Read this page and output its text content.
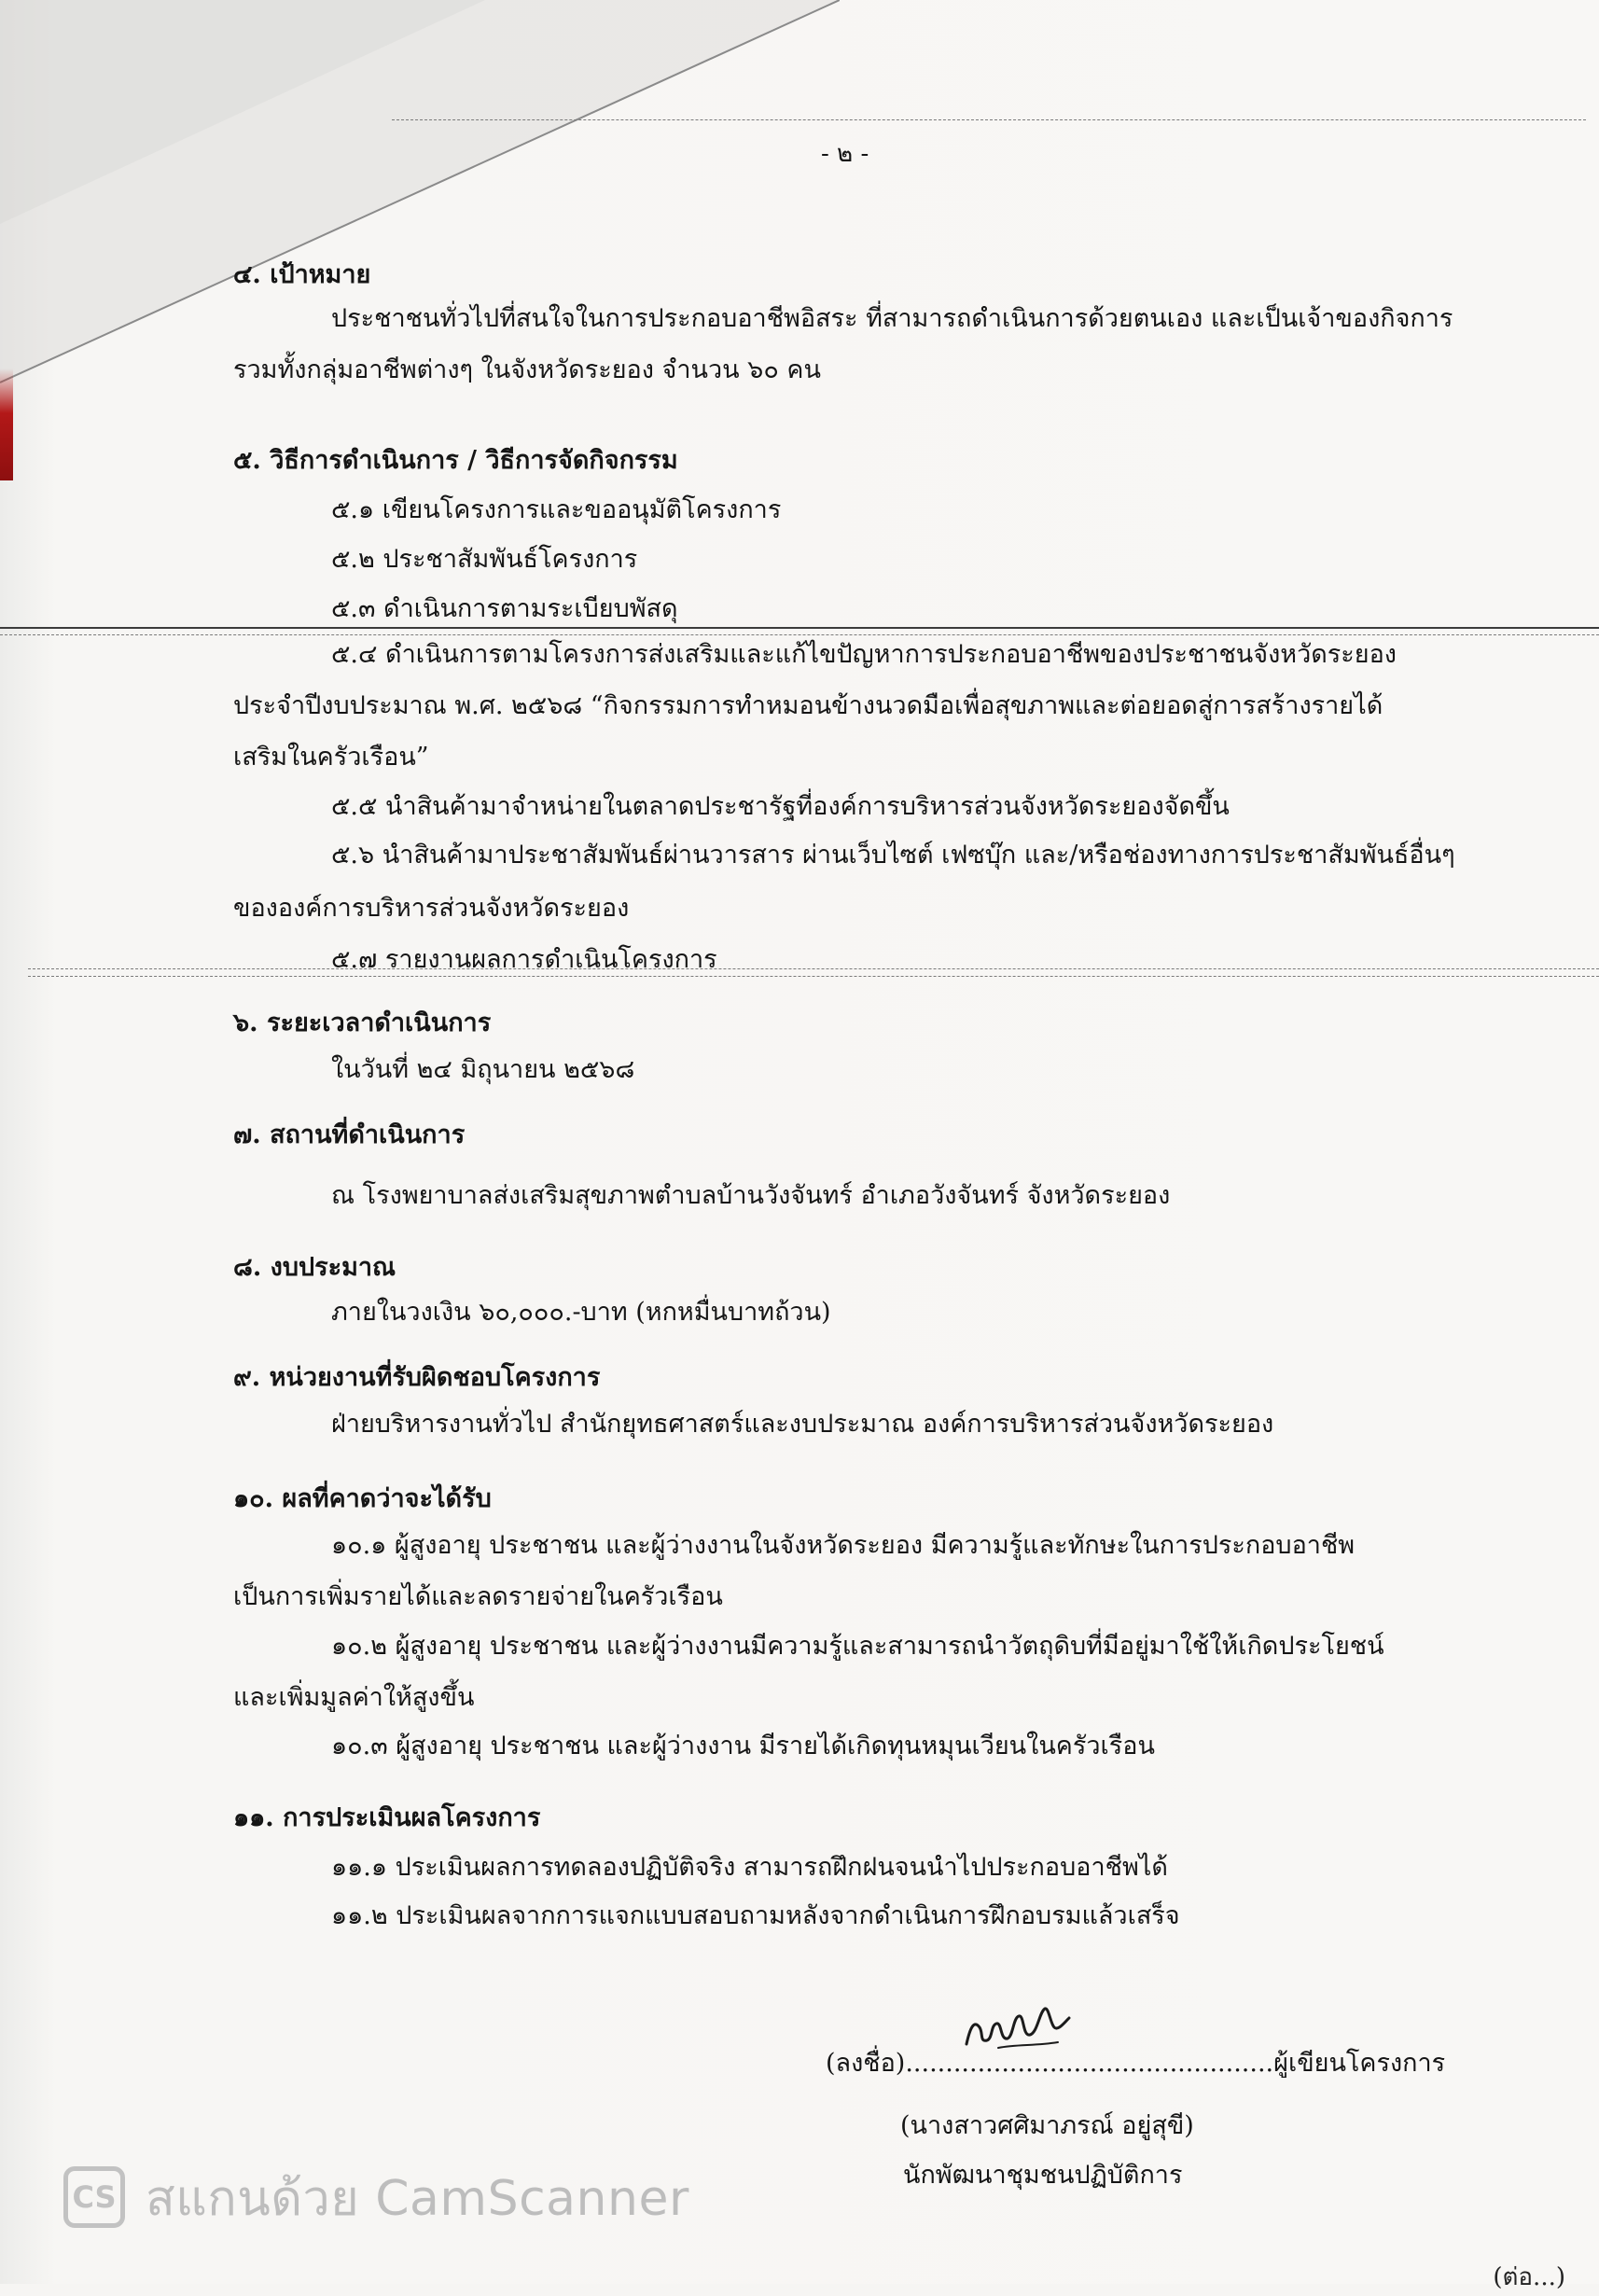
- ๒ -
๔. เป้าหมาย
ประชาชนทั่วไปที่สนใจในการประกอบอาชีพอิสระ ที่สามารถดำเนินการด้วยตนเอง และเป็นเจ้าของกิจการ
รวมทั้งกลุ่มอาชีพต่างๆ ในจังหวัดระยอง จำนวน ๖๐ คน
๕. วิธีการดำเนินการ / วิธีการจัดกิจกรรม
๕.๑ เขียนโครงการและขออนุมัติโครงการ
๕.๒ ประชาสัมพันธ์โครงการ
๕.๓ ดำเนินการตามระเบียบพัสดุ
๕.๔ ดำเนินการตามโครงการส่งเสริมและแก้ไขปัญหาการประกอบอาชีพของประชาชนจังหวัดระยอง
ประจำปีงบประมาณ พ.ศ. ๒๕๖๘ “กิจกรรมการทำหมอนข้างนวดมือเพื่อสุขภาพและต่อยอดสู่การสร้างรายได้
เสริมในครัวเรือน”
๕.๕ นำสินค้ามาจำหน่ายในตลาดประชารัฐที่องค์การบริหารส่วนจังหวัดระยองจัดขึ้น
๕.๖ นำสินค้ามาประชาสัมพันธ์ผ่านวารสาร ผ่านเว็บไซต์ เฟซบุ๊ก และ/หรือช่องทางการประชาสัมพันธ์อื่นๆ
ขององค์การบริหารส่วนจังหวัดระยอง
๕.๗ รายงานผลการดำเนินโครงการ
๖. ระยะเวลาดำเนินการ
ในวันที่ ๒๔ มิถุนายน ๒๕๖๘
๗. สถานที่ดำเนินการ
ณ โรงพยาบาลส่งเสริมสุขภาพตำบลบ้านวังจันทร์ อำเภอวังจันทร์ จังหวัดระยอง
๘. งบประมาณ
ภายในวงเงิน ๖๐,๐๐๐.-บาท (หกหมื่นบาทถ้วน)
๙. หน่วยงานที่รับผิดชอบโครงการ
ฝ่ายบริหารงานทั่วไป สำนักยุทธศาสตร์และงบประมาณ องค์การบริหารส่วนจังหวัดระยอง
๑๐. ผลที่คาดว่าจะได้รับ
๑๐.๑ ผู้สูงอายุ ประชาชน และผู้ว่างงานในจังหวัดระยอง มีความรู้และทักษะในการประกอบอาชีพ
เป็นการเพิ่มรายได้และลดรายจ่ายในครัวเรือน
๑๐.๒ ผู้สูงอายุ ประชาชน และผู้ว่างงานมีความรู้และสามารถนำวัตถุดิบที่มีอยู่มาใช้ให้เกิดประโยชน์
และเพิ่มมูลค่าให้สูงขึ้น
๑๐.๓ ผู้สูงอายุ ประชาชน และผู้ว่างงาน มีรายได้เกิดทุนหมุนเวียนในครัวเรือน
๑๑. การประเมินผลโครงการ
๑๑.๑ ประเมินผลการทดลองปฏิบัติจริง สามารถฝึกฝนจนนำไปประกอบอาชีพได้
๑๑.๒ ประเมินผลจากการแจกแบบสอบถามหลังจากดำเนินการฝึกอบรมแล้วเสร็จ
(ลงชื่อ)..............................................ผู้เขียนโครงการ
(นางสาวศศิมาภรณ์ อยู่สุขี)
นักพัฒนาชุมชนปฏิบัติการ
CS สแกนด้วย CamScanner
(ต่อ...)
